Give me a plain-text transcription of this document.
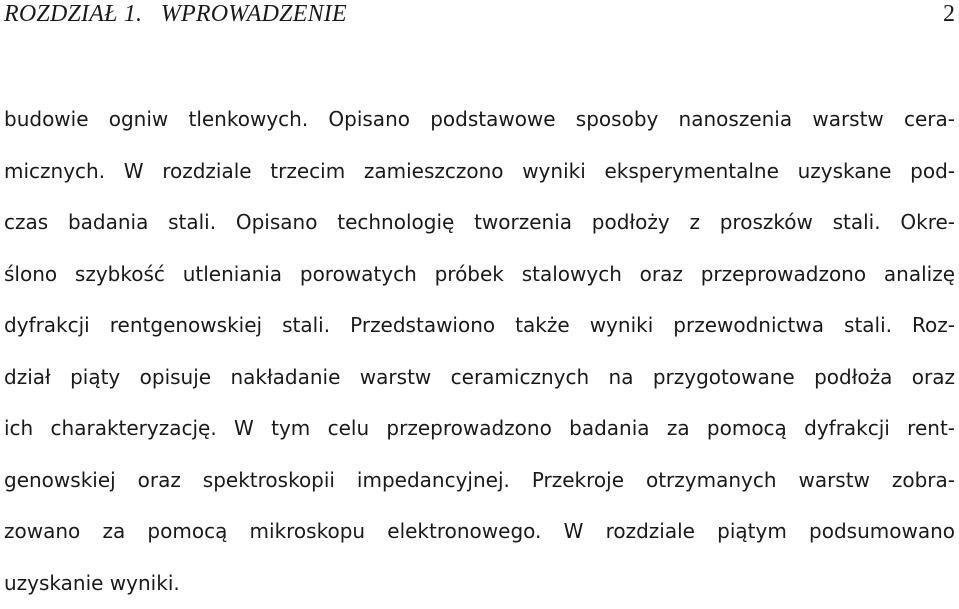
ROZDZIAŁ 1.   WPROWADZENIE	2
budowie ogniw tlenkowych. Opisano podstawowe sposoby nanoszenia warstw cera-
micznych. W rozdziale trzecim zamieszczono wyniki eksperymentalne uzyskane pod-
czas badania stali. Opisano technologię tworzenia podłoży z proszków stali. Okre-
ślono szybkość utleniania porowatych próbek stalowych oraz przeprowadzono analizę
dyfrakcji rentgenowskiej stali. Przedstawiono także wyniki przewodnictwa stali. Roz-
dział piąty opisuje nakładanie warstw ceramicznych na przygotowane podłoża oraz
ich charakteryzację. W tym celu przeprowadzono badania za pomocą dyfrakcji rent-
genowskiej oraz spektroskopii impedancyjnej. Przekroje otrzymanych warstw zobra-
zowano za pomocą mikroskopu elektronowego. W rozdziale piątym podsumowano
uzyskanie wyniki.
